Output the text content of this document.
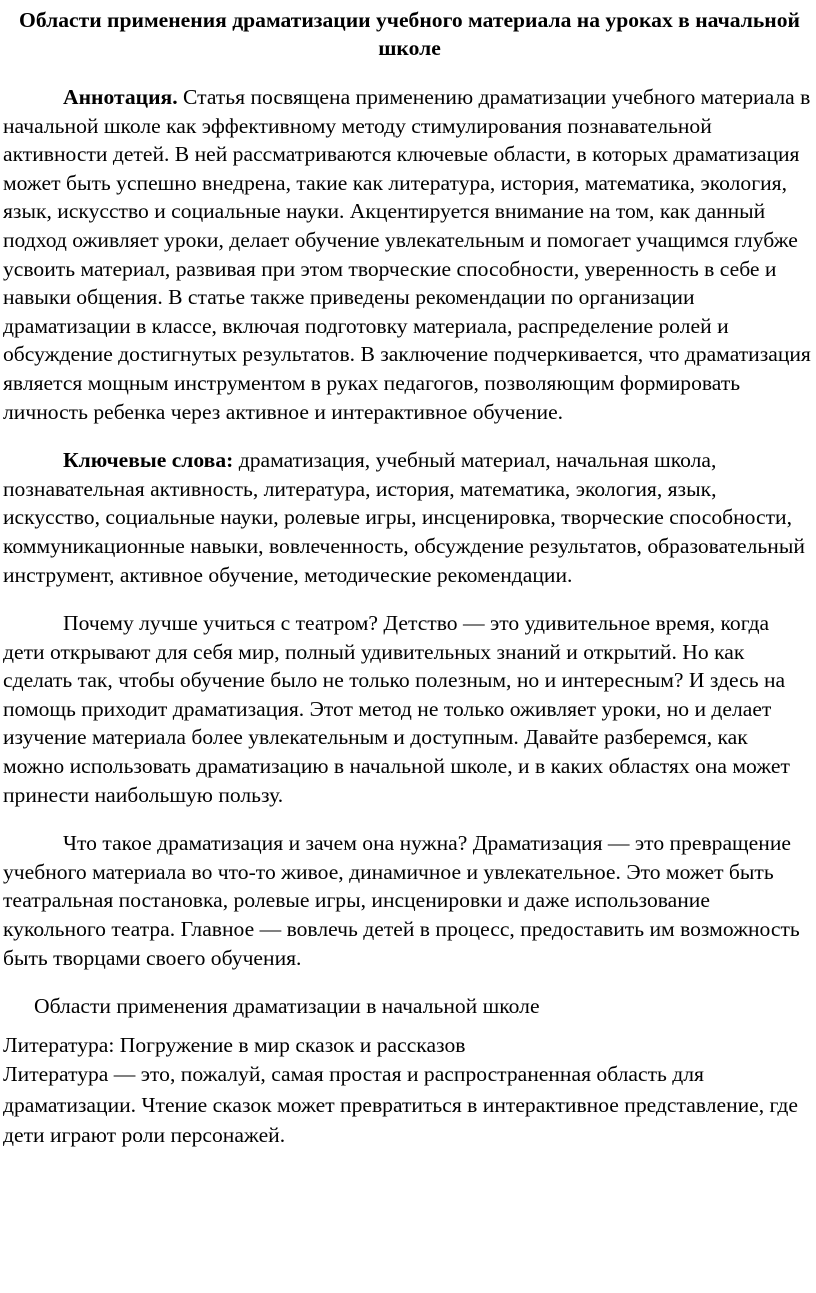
Области применения драматизации учебного материала на уроках в начальной школе

Аннотация. Статья посвящена применению драматизации учебного материала в начальной школе как эффективному методу стимулирования познавательной активности детей. В ней рассматриваются ключевые области, в которых драматизация может быть успешно внедрена, такие как литература, история, математика, экология, язык, искусство и социальные науки. Акцентируется внимание на том, как данный подход оживляет уроки, делает обучение увлекательным и помогает учащимся глубже усвоить материал, развивая при этом творческие способности, уверенность в себе и навыки общения. В статье также приведены рекомендации по организации драматизации в классе, включая подготовку материала, распределение ролей и обсуждение достигнутых результатов. В заключение подчеркивается, что драматизация является мощным инструментом в руках педагогов, позволяющим формировать личность ребенка через активное и интерактивное обучение.

Ключевые слова: драматизация, учебный материал, начальная школа, познавательная активность, литература, история, математика, экология, язык, искусство, социальные науки, ролевые игры, инсценировка, творческие способности, коммуникационные навыки, вовлеченность, обсуждение результатов, образовательный инструмент, активное обучение, методические рекомендации.

Почему лучше учиться с театром? Детство — это удивительное время, когда дети открывают для себя мир, полный удивительных знаний и открытий. Но как сделать так, чтобы обучение было не только полезным, но и интересным? И здесь на помощь приходит драматизация. Этот метод не только оживляет уроки, но и делает изучение материала более увлекательным и доступным. Давайте разберемся, как можно использовать драматизацию в начальной школе, и в каких областях она может принести наибольшую пользу.

Что такое драматизация и зачем она нужна? Драматизация — это превращение учебного материала во что-то живое, динамичное и увлекательное. Это может быть театральная постановка, ролевые игры, инсценировки и даже использование кукольного театра. Главное — вовлечь детей в процесс, предоставить им возможность быть творцами своего обучения.

Области применения драматизации в начальной школе

Литература: Погружение в мир сказок и рассказов

Литература — это, пожалуй, самая простая и распространенная область для драматизации. Чтение сказок может превратиться в интерактивное представление, где дети играют роли персонажей.
